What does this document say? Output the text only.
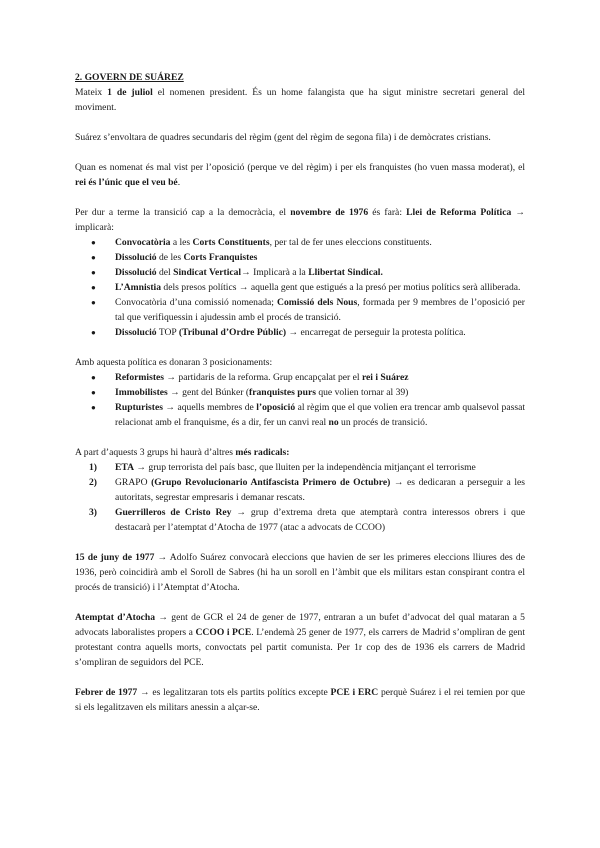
2. GOVERN DE SUÁREZ

Mateix 1 de juliol el nomenen president. És un home falangista que ha sigut ministre secretari general del moviment.

Suárez s’envoltara de quadres secundaris del règim (gent del règim de segona fila) i de demòcrates cristians.

Quan es nomenat és mal vist per l’oposició (perque ve del règim) i per els franquistes (ho vuen massa moderat), el rei és l’únic que el veu bé.

Per dur a terme la transició cap a la democràcia, el novembre de 1976 és farà: Llei de Reforma Política → implicarà:

● Convocatòria a les Corts Constituents, per tal de fer unes eleccions constituents.
● Dissolució de les Corts Franquistes
● Dissolució del Sindicat Vertical→ Implicarà a la Llibertat Sindical.
● L’Amnistia dels presos polítics → aquella gent que estigués a la presó per motius polítics serà alliberada.
● Convocatòria d’una comissió nomenada; Comissió dels Nous, formada per 9 membres de l’oposició per tal que verifiquessin i ajudessin amb el procés de transició.
● Dissolució TOP (Tribunal d’Ordre Públic) → encarregat de perseguir la protesta política.

Amb aquesta política es donaran 3 posicionaments:

● Reformistes → partidaris de la reforma. Grup encapçalat per el rei i Suárez
● Immobilistes → gent del Búnker (franquistes purs que volien tornar al 39)
● Rupturistes → aquells membres de l’oposició al règim que el que volien era trencar amb qualsevol passat relacionat amb el franquisme, és a dir, fer un canvi real no un procés de transició.

A part d’aquests 3 grups hi haurà d’altres més radicals:

1) ETA → grup terrorista del país basc, que lluiten per la independència mitjançant el terrorisme
2) GRAPO (Grupo Revolucionario Antifascista Primero de Octubre) → es dedicaran a perseguir a les autoritats, segrestar empresaris i demanar rescats.
3) Guerrilleros de Cristo Rey → grup d’extrema dreta que atemptarà contra interessos obrers i que destacarà per l’atemptat d’Atocha de 1977 (atac a advocats de CCOO)

15 de juny de 1977 → Adolfo Suárez convocarà eleccions que havien de ser les primeres eleccions lliures des de 1936, però coincidirà amb el Soroll de Sabres (hi ha un soroll en l’àmbit que els militars estan conspirant contra el procés de transició) i l’Atemptat d’Atocha.

Atemptat d’Atocha → gent de GCR el 24 de gener de 1977, entraran a un bufet d’advocat del qual mataran a 5 advocats laboralistes propers a CCOO i PCE. L’endemà 25 gener de 1977, els carrers de Madrid s’ompliran de gent protestant contra aquells morts, convoctats pel partit comunista. Per 1r cop des de 1936 els carrers de Madrid s’ompliran de seguidors del PCE.

Febrer de 1977 → es legalitzaran tots els partits polítics excepte PCE i ERC perquè Suárez i el rei temien por que si els legalitzaven els militars anessin a alçar-se.
